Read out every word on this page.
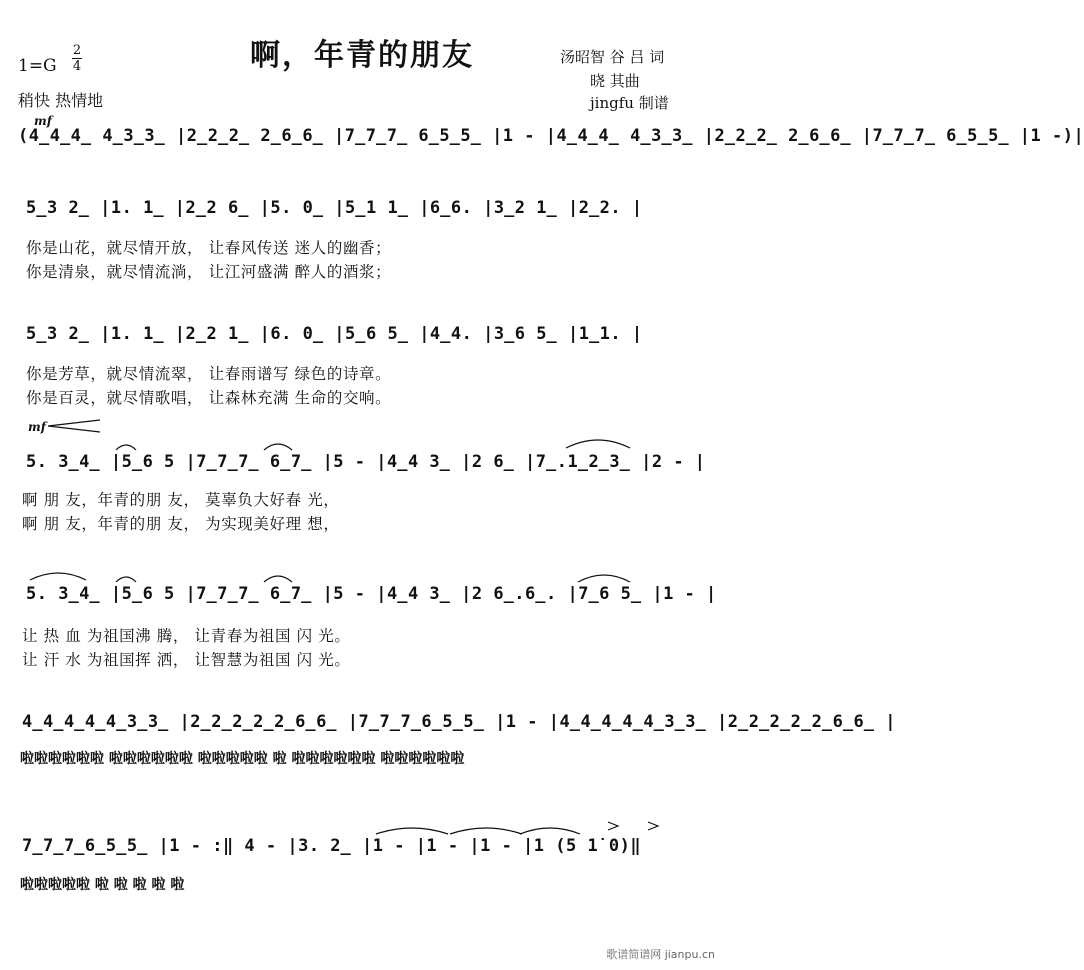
啊，年青的朋友
1=G
2
4
稍快 热情地
汤昭智 谷 吕 词
晓 其曲
jingfu 制谱
mf
mf
(4̲4̲4̲ 4̲3̲3̲ |2̲2̲2̲ 2̲6̲6̲ |7̲7̲7̲ 6̲5̲5̲ |1 - |4̲4̲4̲ 4̲3̲3̲ |2̲2̲2̲ 2̲6̲6̲ |7̲7̲7̲ 6̲5̲5̲ |1 -)|
5̲3 2̲ |1. 1̲ |2̲2 6̲ |5. 0̲ |5̲1 1̲ |6̲6. |3̲2 1̲ |2̲2. |
你是山花，就尽情开放， 让春风传送 迷人的幽香；
你是清泉，就尽情流淌， 让江河盛满 醉人的酒浆；
5̲3 2̲ |1. 1̲ |2̲2 1̲ |6. 0̲ |5̲6 5̲ |4̲4. |3̲6 5̲ |1̲1. |
你是芳草，就尽情流翠， 让春雨谱写 绿色的诗章。
你是百灵，就尽情歌唱， 让森林充满 生命的交响。
5. 3̲4̲ |5̲6 5 |7̲7̲7̲ 6̲7̲ |5 - |4̲4 3̲ |2 6̲ |7̲.1̲2̲3̲ |2 - |
啊 朋 友，年青的朋 友， 莫辜负大好春 光，
啊 朋 友，年青的朋 友， 为实现美好理 想，
5. 3̲4̲ |5̲6 5 |7̲7̲7̲ 6̲7̲ |5 - |4̲4 3̲ |2 6̲.6̲. |7̲6 5̲ |1 - |
让 热 血 为祖国沸 腾， 让青春为祖国 闪 光。
让 汗 水 为祖国挥 洒， 让智慧为祖国 闪 光。
4̲4̲4̲4̲4̲3̲3̲ |2̲2̲2̲2̲2̲6̲6̲ |7̲7̲7̲6̲5̲5̲ |1 - |4̲4̲4̲4̲4̲3̲3̲ |2̲2̲2̲2̲2̲6̲6̲ |
啦啦啦啦啦啦 啦啦啦啦啦啦 啦啦啦啦啦 啦 啦啦啦啦啦啦 啦啦啦啦啦啦
7̲7̲7̲6̲5̲5̲ |1 - :‖ 4 - |3. 2̲ |1 - |1 - |1 - |1 (5 1̇ 0)‖
啦啦啦啦啦 啦 啦 啦 啦 啦
歌谱简谱网 jianpu.cn
